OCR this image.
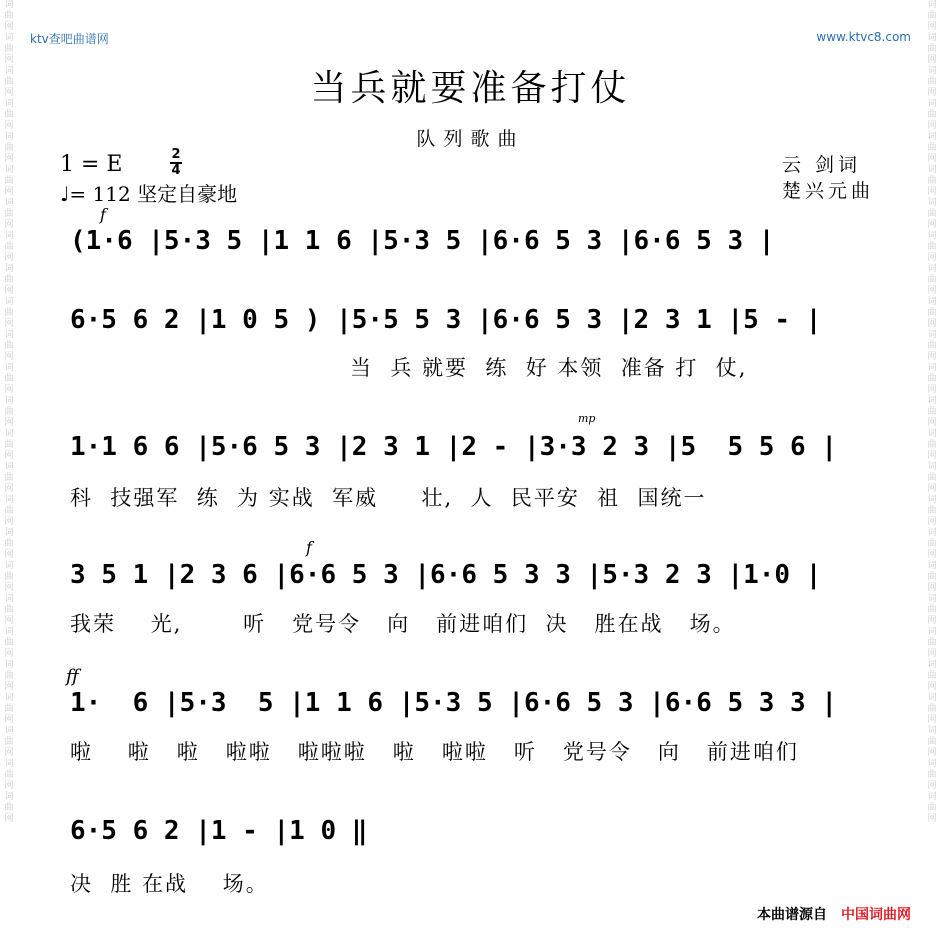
词
曲
网
词
曲
网
词
曲
网
词
曲
网
词
曲
网
词
曲
网
词
曲
网
词
曲
网
词
曲
网
词
曲
网
词
曲
网
词
曲
网
词
曲
网
词
曲
网
词
曲
网
词
曲
网
词
曲
网
词
曲
网
词
曲
网
词
曲
网
词
曲
网
词
曲
网
词
曲
网
词
曲
网
词
曲
网
词
曲
网
词
曲
网
词
曲
网
词
曲
网
词
曲
网
词
曲
网
词
曲
网
词
曲
网
词
曲
网
词
曲
网
词
曲
网
词
曲
网
词
曲
网
词
曲
网
词
曲
网
词
曲
网
词
曲
网
词
曲
网
词
曲
网
词
曲
网
词
曲
网
词
曲
网
词
曲
网
词
曲
网
词
曲
网
ktv查吧曲谱网	www.ktvc8.com
当兵就要准备打仗
队列歌曲
1 = E	2
4
♩= 112 坚定自豪地
云 剑词
楚兴元曲
f
mp
f
ff
(1·6 |5·3 5 |1 1 6 |5·3 5 |6·6 5 3 |6·6 5 3 |
6·5 6 2 |1 0 5 ) |5·5 5 3 |6·6 5 3 |2 3 1 |5 - |
当  兵 就要  练  好 本领  准备 打  仗,
1·1 6 6 |5·6 5 3 |2 3 1 |2 - |3·3 2 3 |5  5 5 6 |
科  技强军  练  为 实战  军威     壮,  人  民平安  祖  国统一
3 5 1 |2 3 6 |6·6 5 3 |6·6 5 3 3 |5·3 2 3 |1·0 |
我荣    光,       听   党号令   向   前进咱们  决   胜在战   场。
1·  6 |5·3  5 |1 1 6 |5·3 5 |6·6 5 3 |6·6 5 3 3 |
啦    啦   啦   啦啦   啦啦啦   啦   啦啦   听   党号令   向   前进咱们
6·5 6 2 |1 - |1 0 ‖
决  胜 在战    场。
本曲谱源自 中国词曲网
